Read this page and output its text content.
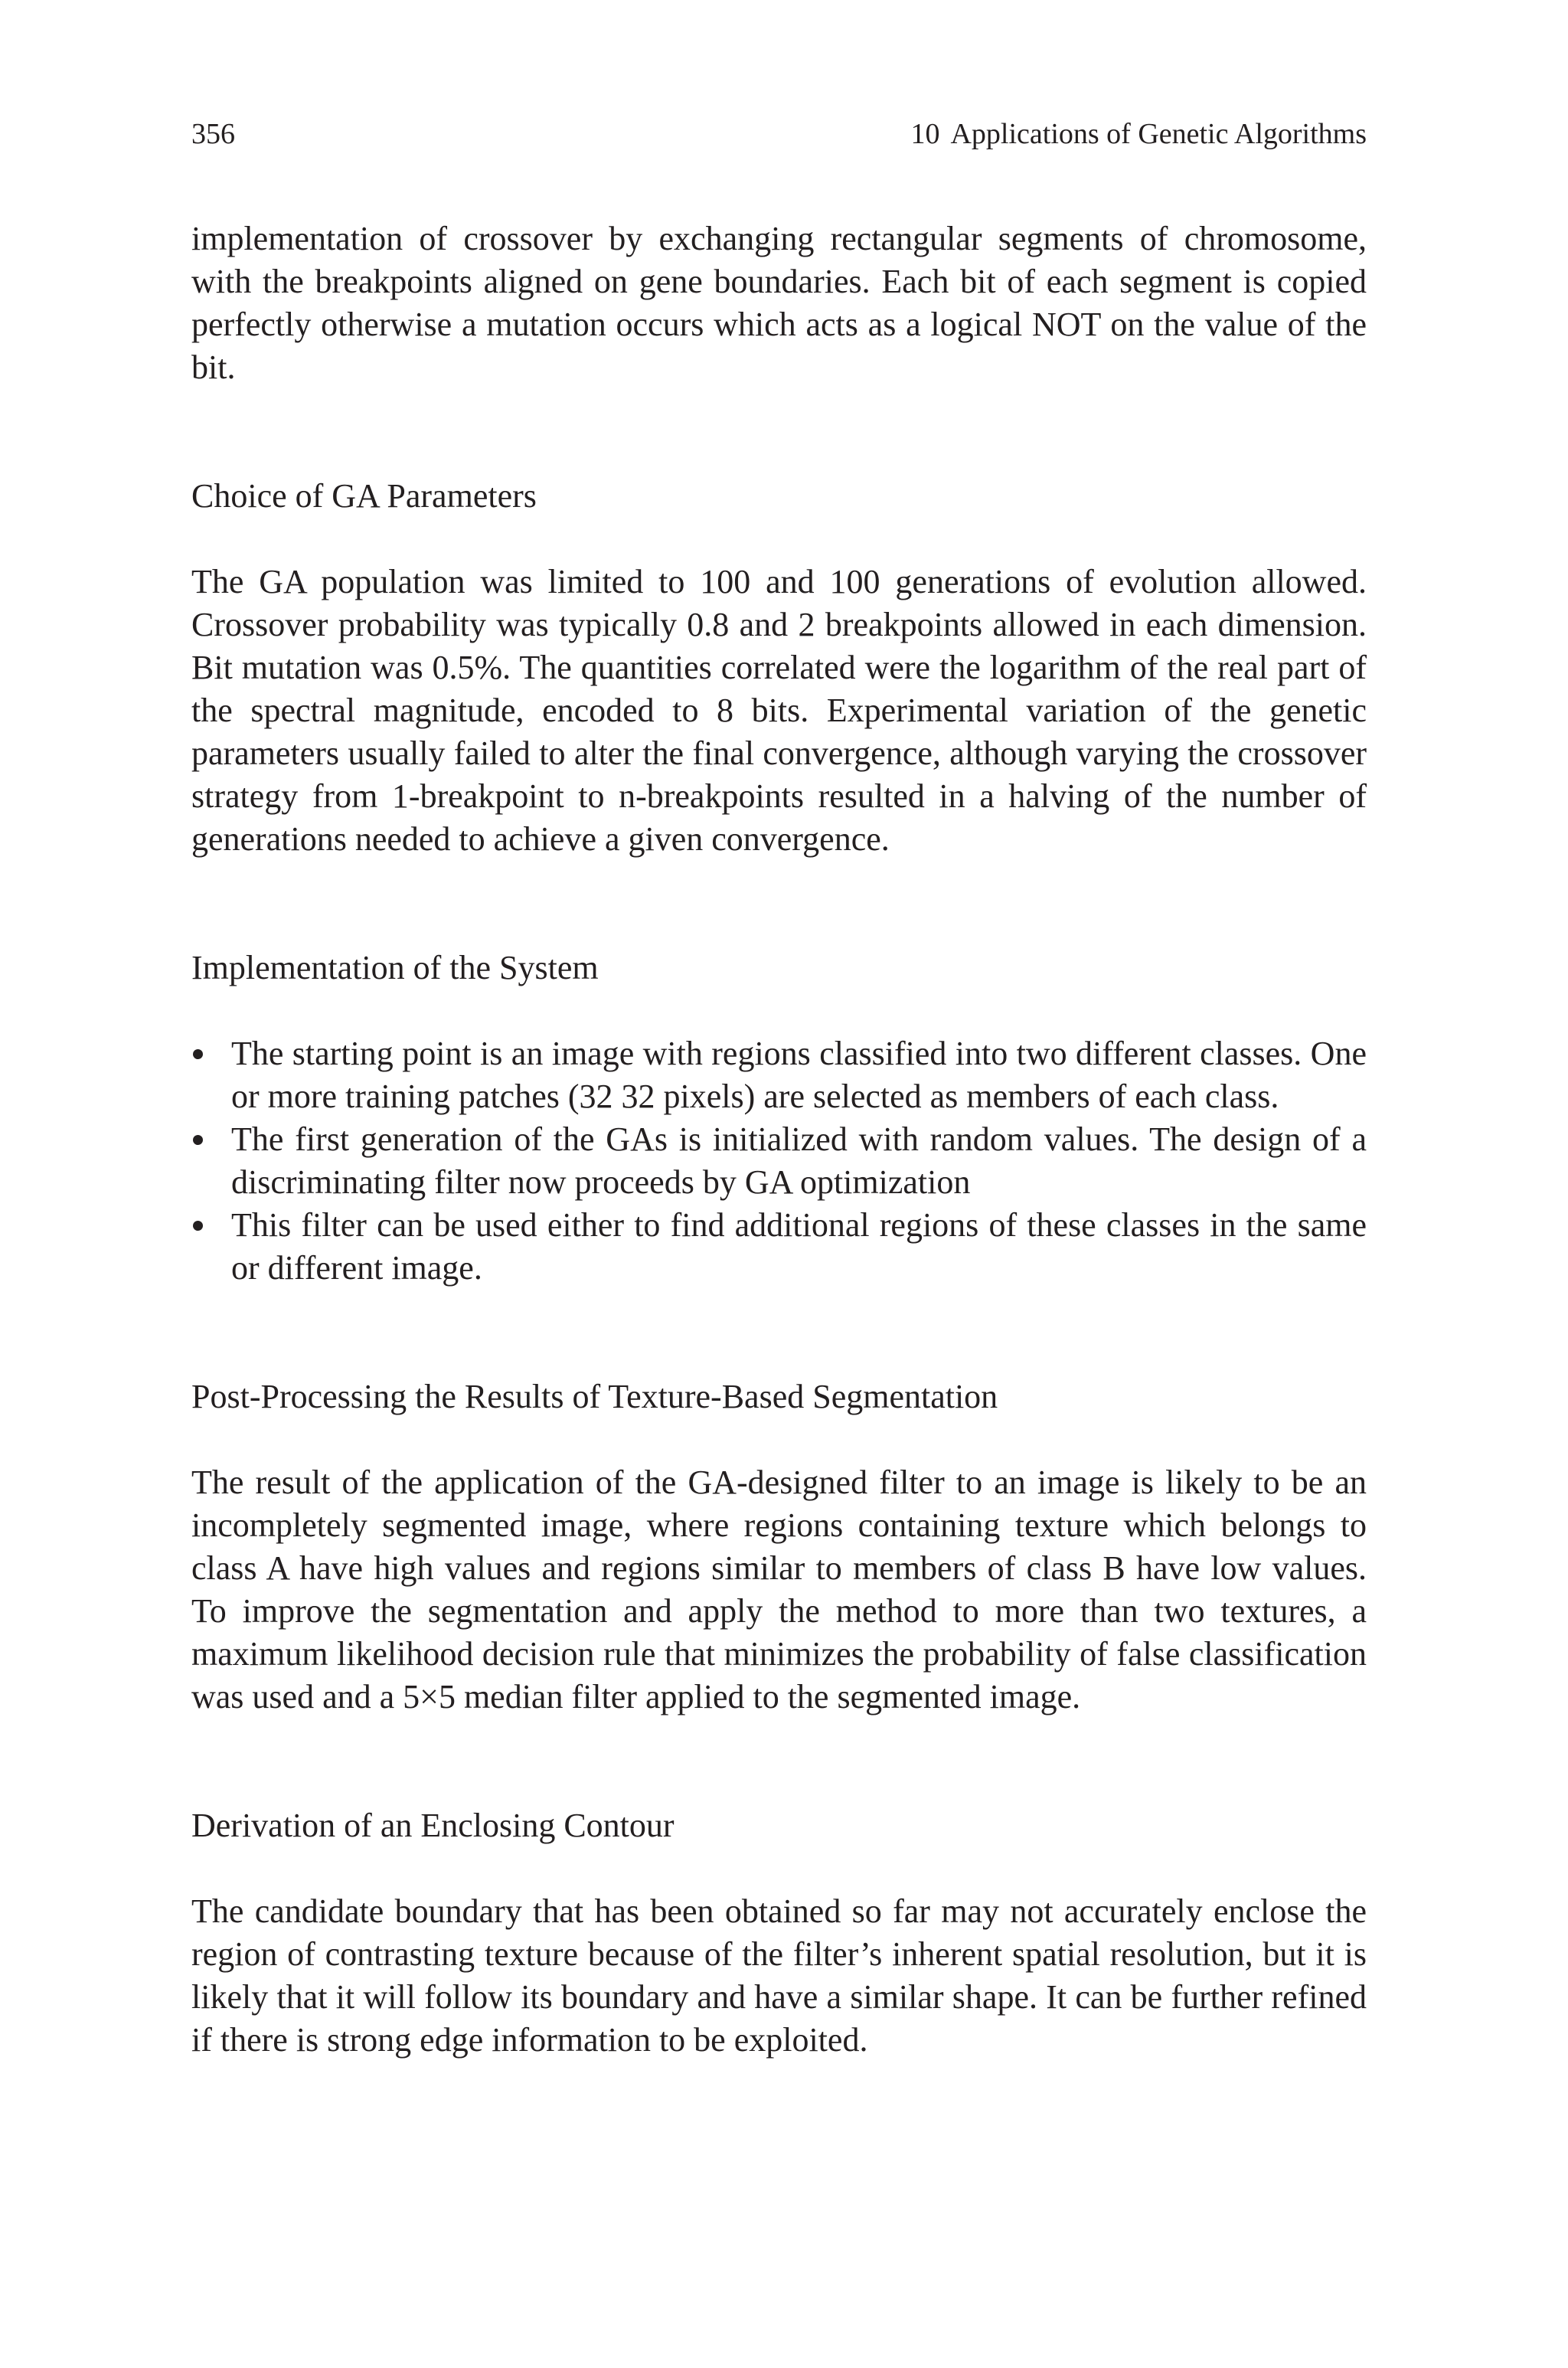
356	10 Applications of Genetic Algorithms

implementation of crossover by exchanging rectangular segments of chromosome, with the breakpoints aligned on gene boundaries. Each bit of each segment is copied perfectly otherwise a mutation occurs which acts as a logical NOT on the value of the bit.

Choice of GA Parameters

The GA population was limited to 100 and 100 generations of evolution allowed. Crossover probability was typically 0.8 and 2 breakpoints allowed in each dimension. Bit mutation was 0.5%. The quantities correlated were the logarithm of the real part of the spectral magnitude, encoded to 8 bits. Experimental variation of the genetic parameters usually failed to alter the final convergence, although varying the crossover strategy from 1-breakpoint to n-breakpoints resulted in a halving of the number of generations needed to achieve a given convergence.

Implementation of the System
The starting point is an image with regions classified into two different classes. One or more training patches (32 32 pixels) are selected as members of each class.
The first generation of the GAs is initialized with random values. The design of a discriminating filter now proceeds by GA optimization
This filter can be used either to find additional regions of these classes in the same or different image.
Post-Processing the Results of Texture-Based Segmentation

The result of the application of the GA-designed filter to an image is likely to be an incompletely segmented image, where regions containing texture which belongs to class A have high values and regions similar to members of class B have low values. To improve the segmentation and apply the method to more than two textures, a maximum likelihood decision rule that minimizes the probability of false classification was used and a 5×5 median filter applied to the segmented image.

Derivation of an Enclosing Contour

The candidate boundary that has been obtained so far may not accurately enclose the region of contrasting texture because of the filter’s inherent spatial resolution, but it is likely that it will follow its boundary and have a similar shape. It can be further refined if there is strong edge information to be exploited.
